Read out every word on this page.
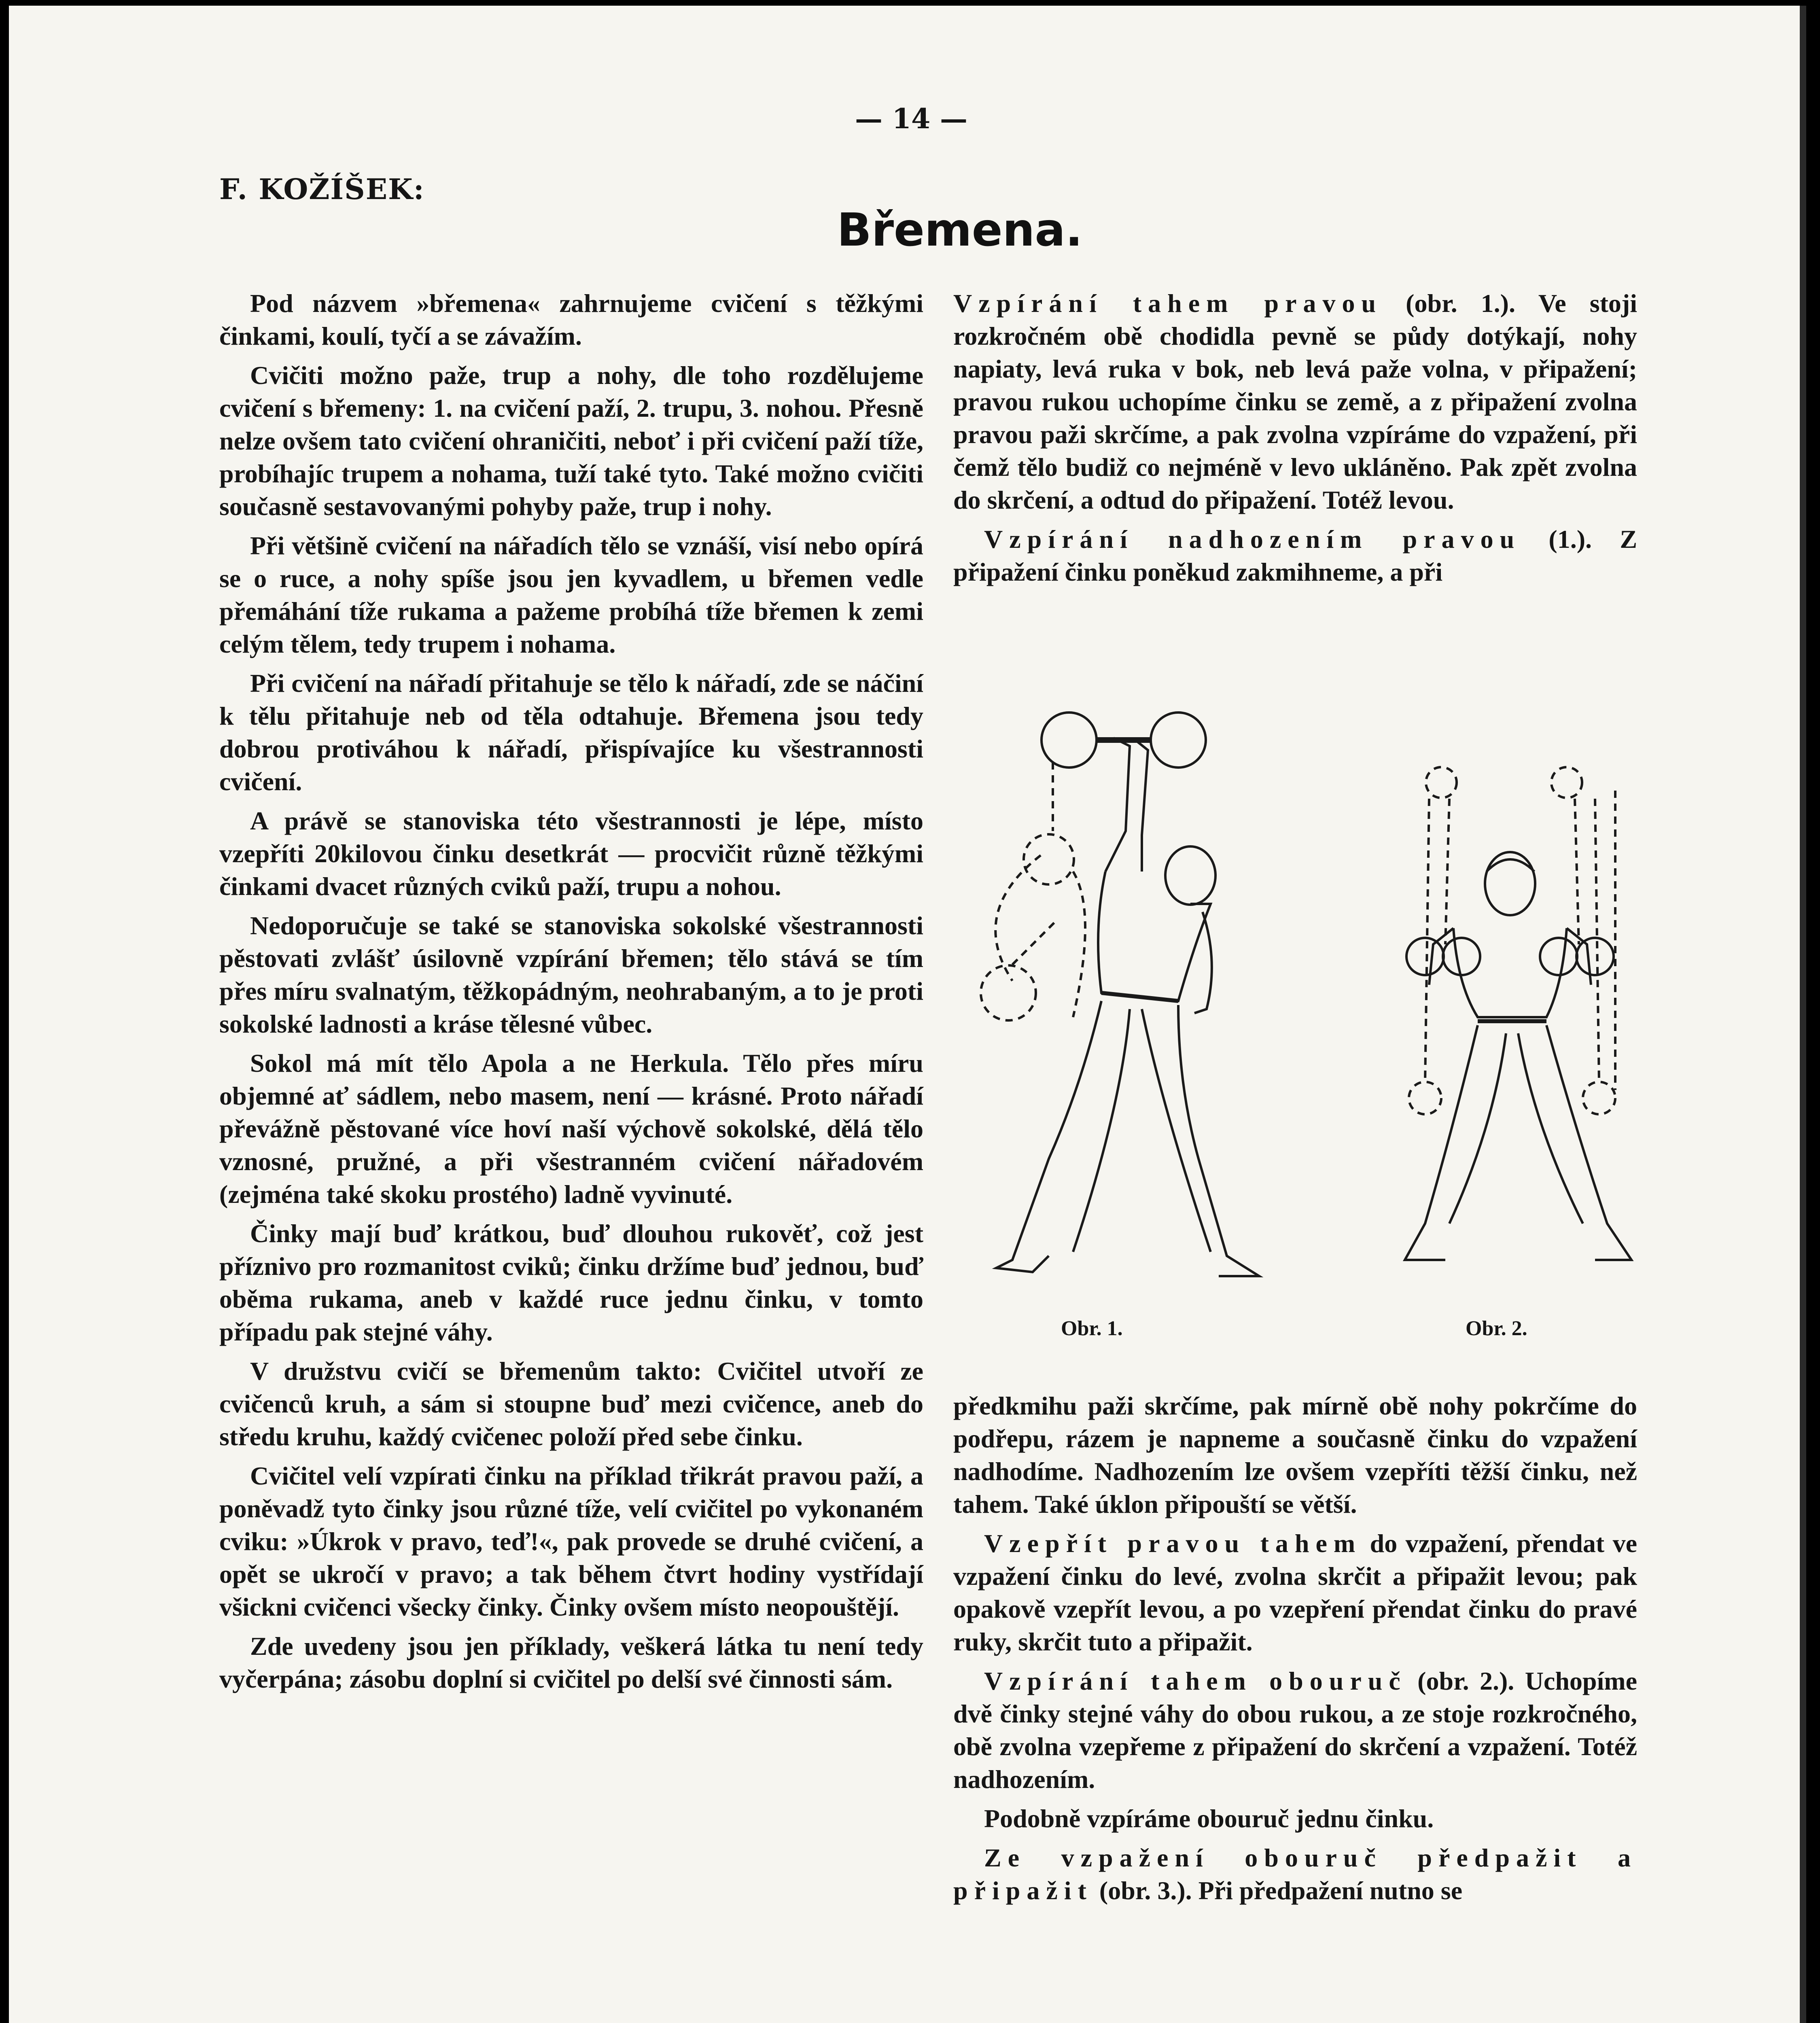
— 14 —
F. KOŽÍŠEK:
Břemena.

Pod názvem »břemena« zahrnujeme cvičení s těžkými činkami, koulí, tyčí a se závažím.

Cvičiti možno paže, trup a nohy, dle toho rozdělujeme cvičení s břemeny: 1. na cvičení paží, 2. trupu, 3. nohou. Přesně nelze ovšem tato cvičení ohraničiti, neboť i při cvičení paží tíže, probíhajíc trupem a nohama, tuží také tyto. Také možno cvičiti současně sestavovanými pohyby paže, trup i nohy.

Při většině cvičení na nářadích tělo se vznáší, visí nebo opírá se o ruce, a nohy spíše jsou jen kyvadlem, u břemen vedle přemáhání tíže rukama a pažeme probíhá tíže břemen k zemi celým tělem, tedy trupem i nohama.

Při cvičení na nářadí přitahuje se tělo k nářadí, zde se náčiní k tělu přitahuje neb od těla odtahuje. Břemena jsou tedy dobrou protiváhou k nářadí, přispívajíce ku všestrannosti cvičení.

A právě se stanoviska této všestrannosti je lépe, místo vzepříti 20kilovou činku desetkrát — procvičit různě těžkými činkami dvacet různých cviků paží, trupu a nohou.

Nedoporučuje se také se stanoviska sokolské všestrannosti pěstovati zvlášť úsilovně vzpírání břemen; tělo stává se tím přes míru svalnatým, těžkopádným, neohrabaným, a to je proti sokolské ladnosti a kráse tělesné vůbec.

Sokol má mít tělo Apola a ne Herkula. Tělo přes míru objemné ať sádlem, nebo masem, není — krásné. Proto nářadí převážně pěstované více hoví naší výchově sokolské, dělá tělo vznosné, pružné, a při všestranném cvičení nářadovém (zejména také skoku prostého) ladně vyvinuté.

Činky mají buď krátkou, buď dlouhou rukověť, což jest příznivo pro rozmanitost cviků; činku držíme buď jednou, buď oběma rukama, aneb v každé ruce jednu činku, v tomto případu pak stejné váhy.

V družstvu cvičí se břemenům takto: Cvičitel utvoří ze cvičenců kruh, a sám si stoupne buď mezi cvičence, aneb do středu kruhu, každý cvičenec položí před sebe činku.

Cvičitel velí vzpírati činku na příklad třikrát pravou paží, a poněvadž tyto činky jsou různé tíže, velí cvičitel po vykonaném cviku: »Úkrok v pravo, teď!«, pak provede se druhé cvičení, a opět se ukročí v pravo; a tak během čtvrt hodiny vystřídají všickni cvičenci všecky činky. Činky ovšem místo neopouštějí.

Zde uvedeny jsou jen příklady, veškerá látka tu není tedy vyčerpána; zásobu doplní si cvičitel po delší své činnosti sám.

Vzpírání tahem pravou (obr. 1.). Ve stoji rozkročném obě chodidla pevně se půdy dotýkají, nohy napiaty, levá ruka v bok, neb levá paže volna, v připažení; pravou rukou uchopíme činku se země, a z připažení zvolna pravou paži skrčíme, a pak zvolna vzpíráme do vzpažení, při čemž tělo budiž co nejméně v levo ukláněno. Pak zpět zvolna do skrčení, a odtud do připažení. Totéž levou.

Vzpírání nadhozením pravou (1.). Z připažení činku poněkud zakmihneme, a při

Obr. 1.	Obr. 2.

předkmihu paži skrčíme, pak mírně obě nohy pokrčíme do podřepu, rázem je napneme a současně činku do vzpažení nadhodíme. Nadhozením lze ovšem vzepříti těžší činku, než tahem. Také úklon připouští se větší.

Vzepřít pravou tahem do vzpažení, přendat ve vzpažení činku do levé, zvolna skrčit a připažit levou; pak opakově vzepřít levou, a po vzepření přendat činku do pravé ruky, skrčit tuto a připažit.

Vzpírání tahem obouruč (obr. 2.). Uchopíme dvě činky stejné váhy do obou rukou, a ze stoje rozkročného, obě zvolna vzepřeme z připažení do skrčení a vzpažení. Totéž nadhozením.

Podobně vzpíráme obouruč jednu činku.

Ze vzpažení obouruč předpažit a připažit (obr. 3.). Při předpažení nutno se
